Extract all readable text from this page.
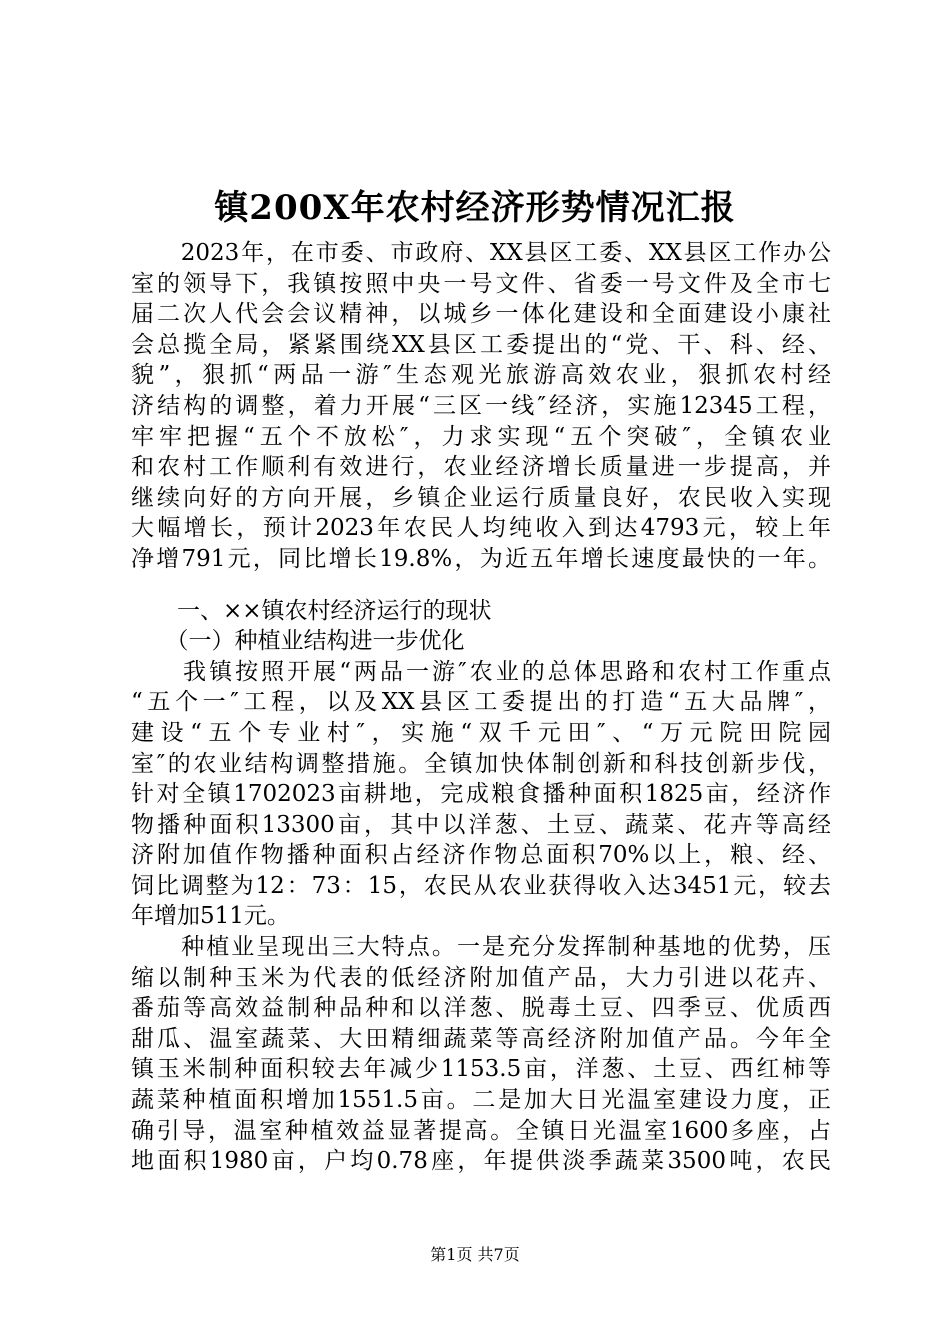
镇200X年农村经济形势情况汇报
　　2023年，在市委、市政府、XX县区工委、XX县区工作办公
室的领导下，我镇按照中央一号文件、省委一号文件及全市七
届二次人代会会议精神，以城乡一体化建设和全面建设小康社
会总揽全局，紧紧围绕XX县区工委提出的“党、干、科、经、
貌”，狠抓“两品一游″生态观光旅游高效农业，狠抓农村经
济结构的调整，着力开展“三区一线″经济，实施12345工程，
牢牢把握“五个不放松″，力求实现“五个突破″，全镇农业
和农村工作顺利有效进行，农业经济增长质量进一步提高，并
继续向好的方向开展，乡镇企业运行质量良好，农民收入实现
大幅增长，预计2023年农民人均纯收入到达4793元，较上年
净增791元，同比增长19.8%，为近五年增长速度最快的一年。
　　一、××镇农村经济运行的现状
　　（一）种植业结构进一步优化
　　我镇按照开展“两品一游″农业的总体思路和农村工作重点
“五个一″工程，以及XX县区工委提出的打造“五大品牌″，
建设“五个专业村″，实施“双千元田″、“万元院田院园
室″的农业结构调整措施。全镇加快体制创新和科技创新步伐，
针对全镇1702023亩耕地，完成粮食播种面积1825亩，经济作
物播种面积13300亩，其中以洋葱、土豆、蔬菜、花卉等高经
济附加值作物播种面积占经济作物总面积70%以上，粮、经、
饲比调整为12：73：15，农民从农业获得收入达3451元，较去
年增加511元。
　　种植业呈现出三大特点。一是充分发挥制种基地的优势，压
缩以制种玉米为代表的低经济附加值产品，大力引进以花卉、
番茄等高效益制种品种和以洋葱、脱毒土豆、四季豆、优质西
甜瓜、温室蔬菜、大田精细蔬菜等高经济附加值产品。今年全
镇玉米制种面积较去年减少1153.5亩，洋葱、土豆、西红柿等
蔬菜种植面积增加1551.5亩。二是加大日光温室建设力度，正
确引导，温室种植效益显著提高。全镇日光温室1600多座，占
地面积1980亩，户均0.78座，年提供淡季蔬菜3500吨，农民
第1页 共7页
